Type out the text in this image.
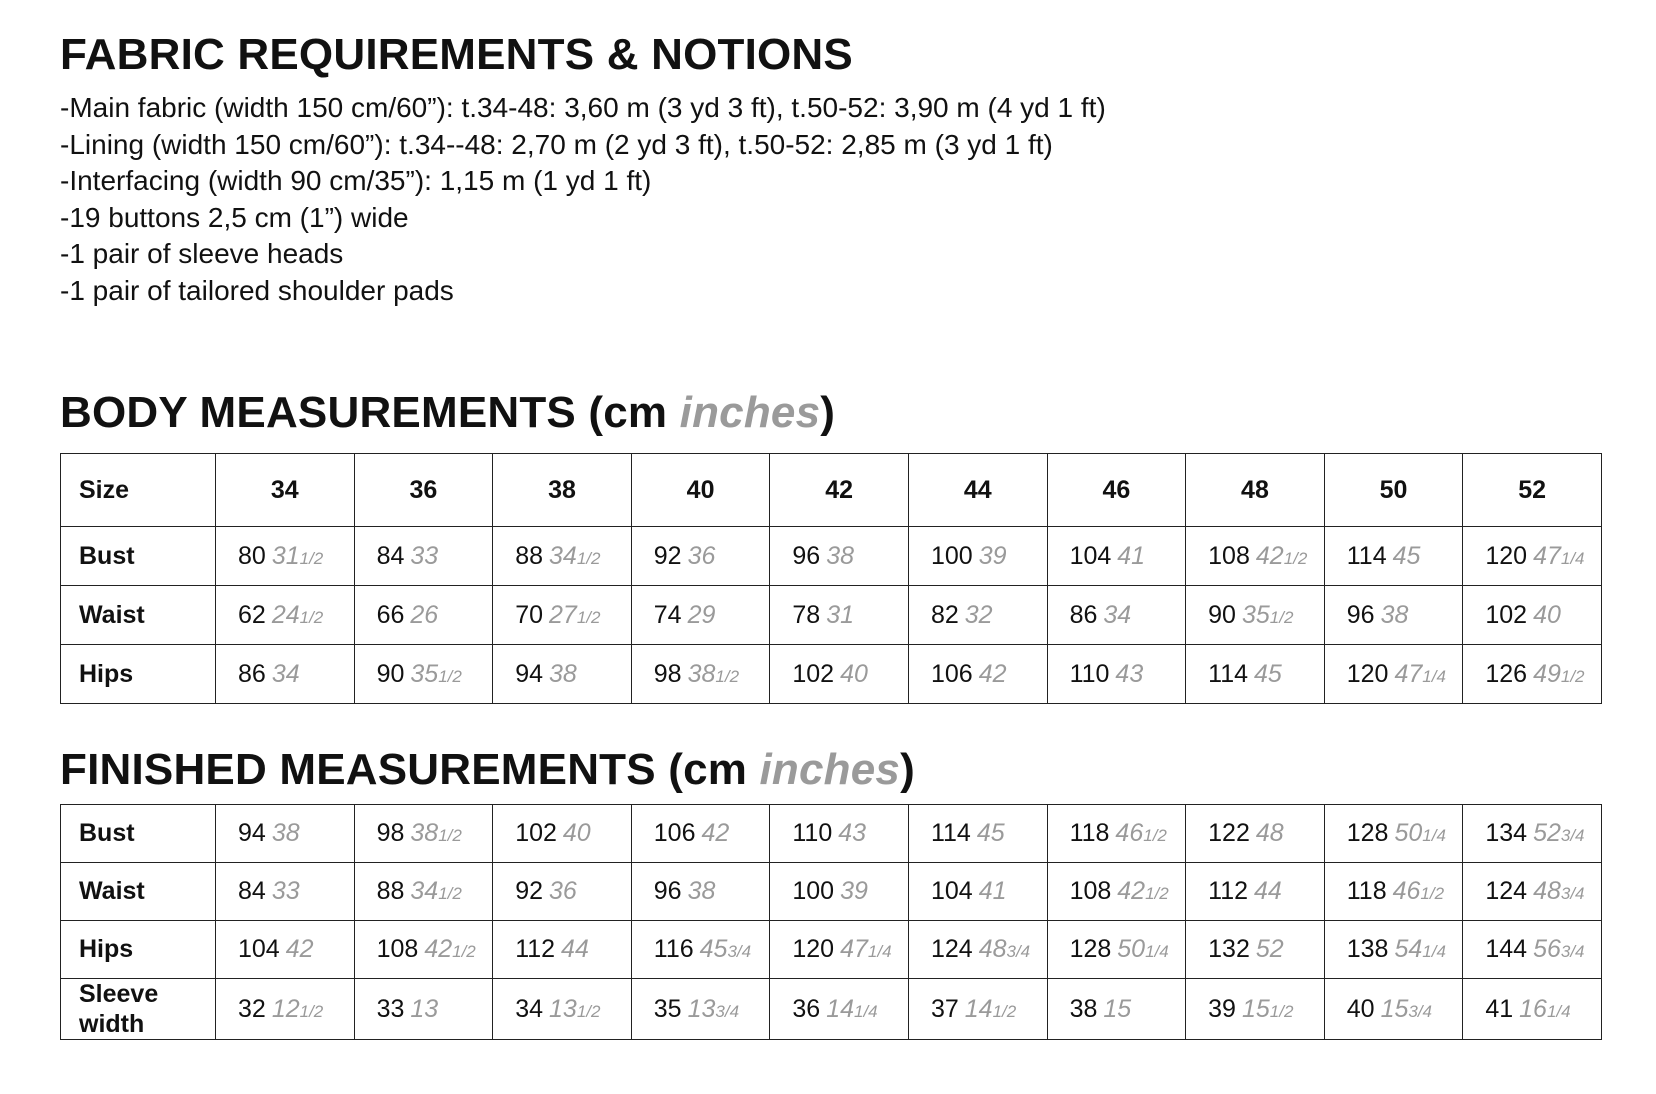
FABRIC REQUIREMENTS & NOTIONS
-Main fabric (width 150 cm/60”): t.34-48: 3,60 m (3 yd 3 ft), t.50-52: 3,90 m (4 yd 1 ft)
-Lining (width 150 cm/60”): t.34--48: 2,70 m (2 yd 3 ft), t.50-52: 2,85 m (3 yd 1 ft)
-Interfacing (width 90 cm/35”): 1,15 m (1 yd 1 ft)
-19 buttons 2,5 cm (1”) wide
-1 pair of sleeve heads
-1 pair of tailored shoulder pads
BODY MEASUREMENTS (cm inches)
Size	34	36	38	40	42	44	46	48	50	52
Bust	80 311/2	84 33	88 341/2	92 36	96 38	100 39	104 41	108 421/2	114 45	120 471/4
Waist	62 241/2	66 26	70 271/2	74 29	78 31	82 32	86 34	90 351/2	96 38	102 40
Hips	86 34	90 351/2	94 38	98 381/2	102 40	106 42	110 43	114 45	120 471/4	126 491/2
FINISHED MEASUREMENTS (cm inches)
Bust	94 38	98 381/2	102 40	106 42	110 43	114 45	118 461/2	122 48	128 501/4	134 523/4
Waist	84 33	88 341/2	92 36	96 38	100 39	104 41	108 421/2	112 44	118 461/2	124 483/4
Hips	104 42	108 421/2	112 44	116 453/4	120 471/4	124 483/4	128 501/4	132 52	138 541/4	144 563/4

Sleeve
width	32 121/2	33 13	34 131/2	35 133/4	36 141/4	37 141/2	38 15	39 151/2	40 153/4	41 161/4
